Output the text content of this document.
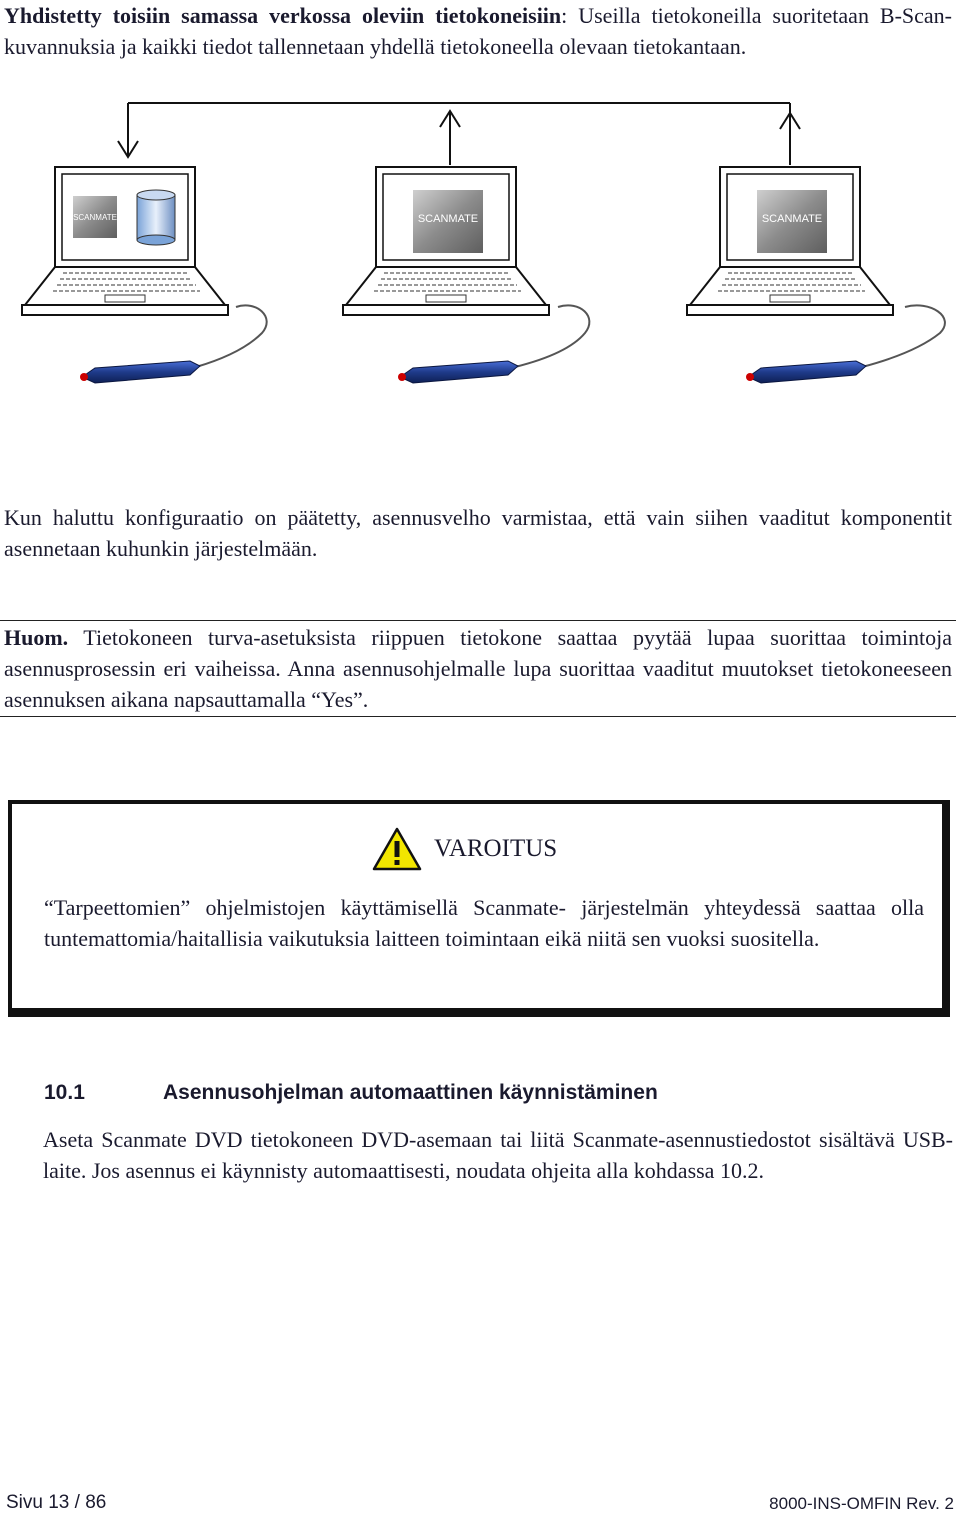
Yhdistetty toisiin samassa verkossa oleviin tietokoneisiin: Useilla tietokoneilla suoritetaan B-Scan-kuvannuksia ja kaikki tiedot tallennetaan yhdellä tietokoneella olevaan tietokantaan.
SCANMATE	SCANMATE	SCANMATE
Kun haluttu konfiguraatio on päätetty, asennusvelho varmistaa, että vain siihen vaaditut komponentit asennetaan kuhunkin järjestelmään.
Huom. Tietokoneen turva-asetuksista riippuen tietokone saattaa pyytää lupaa suorittaa toimintoja asennusprosessin eri vaiheissa. Anna asennusohjelmalle lupa suorittaa vaaditut muutokset tietokoneeseen asennuksen aikana napsauttamalla “Yes”.
VAROITUS
“Tarpeettomien” ohjelmistojen käyttämisellä Scanmate- järjestelmän yhteydessä saattaa olla tuntemattomia/haitallisia vaikutuksia laitteen toimintaan eikä niitä sen vuoksi suositella.
10.1	Asennusohjelman automaattinen käynnistäminen
Aseta Scanmate DVD tietokoneen DVD-asemaan tai liitä Scanmate-asennustiedostot sisältävä USB-laite. Jos asennus ei käynnisty automaattisesti, noudata ohjeita alla kohdassa 10.2.
Sivu 13 / 86	8000-INS-OMFIN Rev. 2
